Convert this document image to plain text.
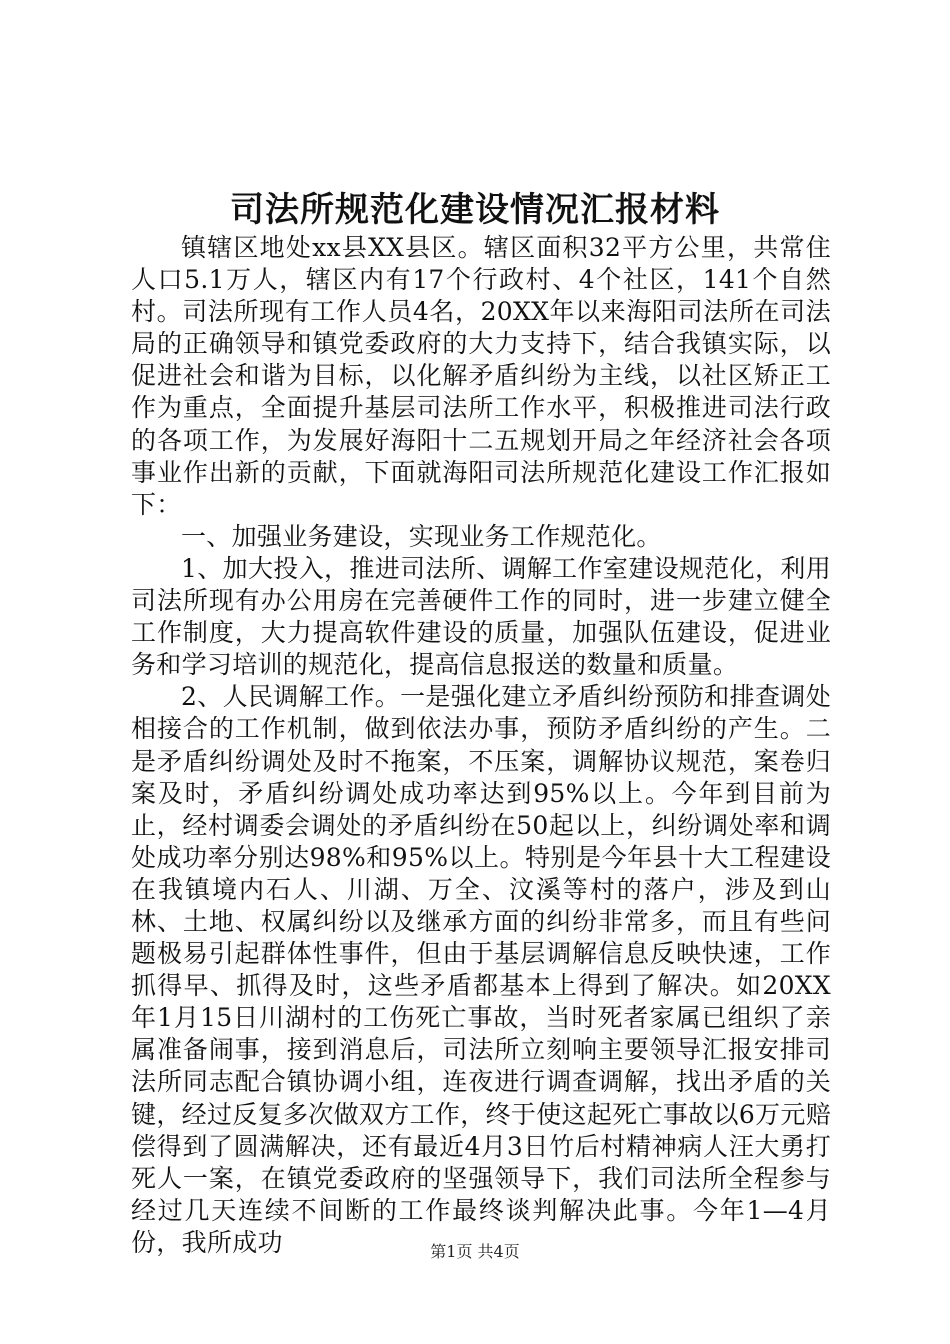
司法所规范化建设情况汇报材料

镇辖区地处xx县XX县区。辖区面积32平方公里，共常住人口5.1万人，辖区内有17个行政村、4个社区，141个自然村。司法所现有工作人员4名，20XX年以来海阳司法所在司法局的正确领导和镇党委政府的大力支持下，结合我镇实际，以促进社会和谐为目标，以化解矛盾纠纷为主线，以社区矫正工作为重点，全面提升基层司法所工作水平，积极推进司法行政的各项工作，为发展好海阳十二五规划开局之年经济社会各项事业作出新的贡献，下面就海阳司法所规范化建设工作汇报如下：

一、加强业务建设，实现业务工作规范化。

1、加大投入，推进司法所、调解工作室建设规范化，利用司法所现有办公用房在完善硬件工作的同时，进一步建立健全工作制度，大力提高软件建设的质量，加强队伍建设，促进业务和学习培训的规范化，提高信息报送的数量和质量。

2、人民调解工作。一是强化建立矛盾纠纷预防和排查调处相接合的工作机制，做到依法办事，预防矛盾纠纷的产生。二是矛盾纠纷调处及时不拖案，不压案，调解协议规范，案卷归案及时，矛盾纠纷调处成功率达到95%以上。今年到目前为止，经村调委会调处的矛盾纠纷在50起以上，纠纷调处率和调处成功率分别达98%和95%以上。特别是今年县十大工程建设在我镇境内石人、川湖、万全、汶溪等村的落户，涉及到山林、土地、权属纠纷以及继承方面的纠纷非常多，而且有些问题极易引起群体性事件，但由于基层调解信息反映快速，工作抓得早、抓得及时，这些矛盾都基本上得到了解决。如20XX年1月15日川湖村的工伤死亡事故，当时死者家属已组织了亲属准备闹事，接到消息后，司法所立刻响主要领导汇报安排司法所同志配合镇协调小组，连夜进行调查调解，找出矛盾的关键，经过反复多次做双方工作，终于使这起死亡事故以6万元赔偿得到了圆满解决，还有最近4月3日竹后村精神病人汪大勇打死人一案，在镇党委政府的坚强领导下，我们司法所全程参与经过几天连续不间断的工作最终谈判解决此事。今年1—4月份，我所成功	第1页 共4页
